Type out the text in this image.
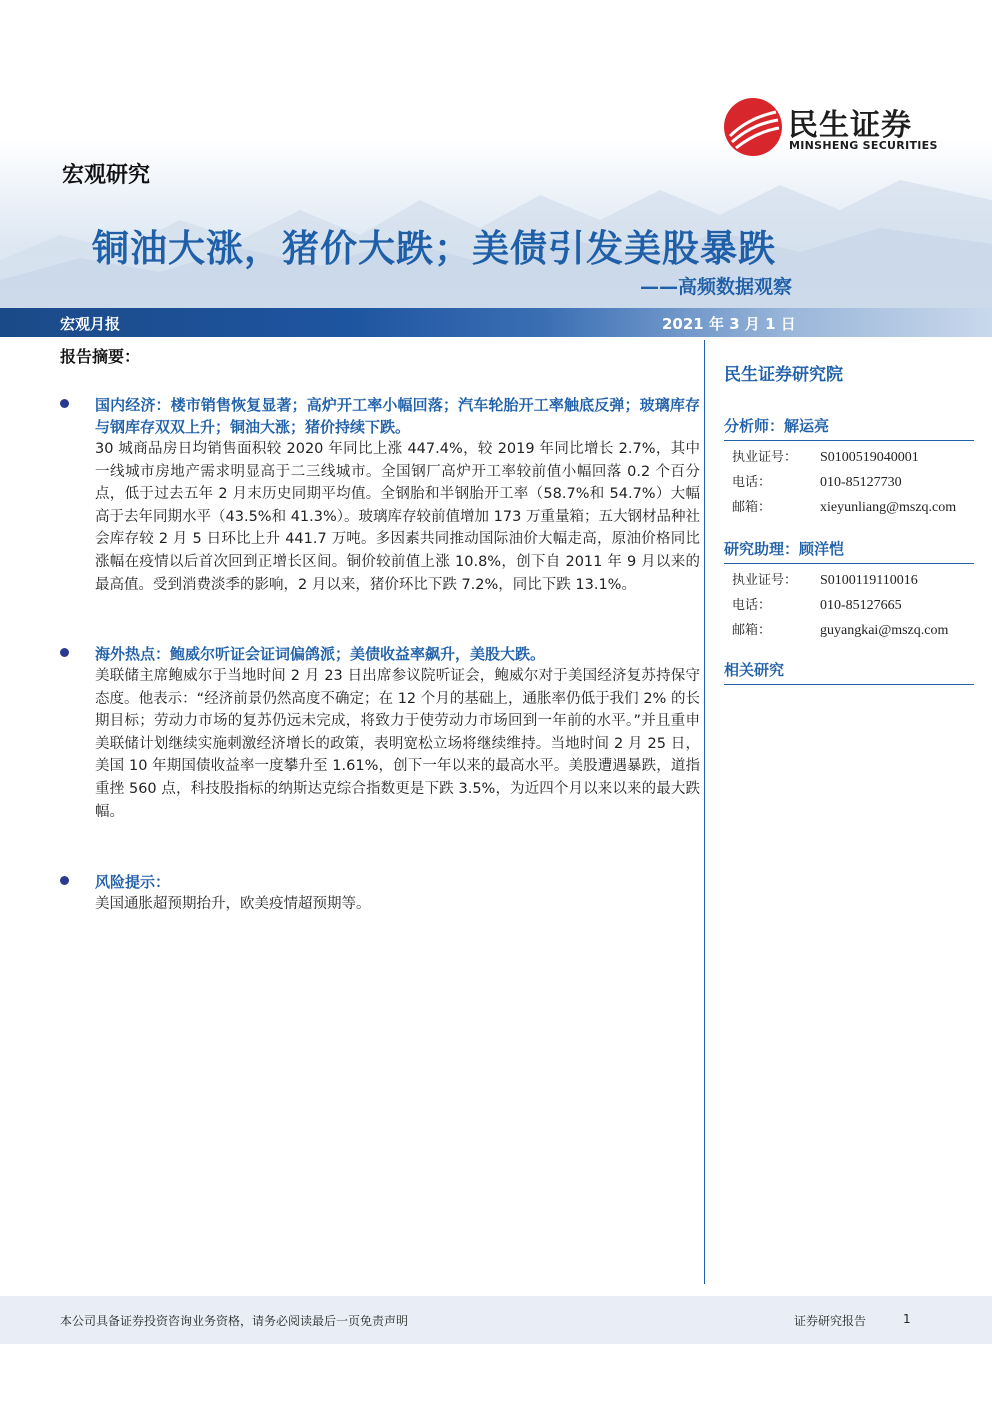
民生证券
MINSHENG SECURITIES
宏观研究
铜油大涨，猪价大跌；美债引发美股暴跌
——高频数据观察
宏观月报	2021 年 3 月 1 日
报告摘要：
国内经济：楼市销售恢复显著；高炉开工率小幅回落；汽车轮胎开工率触底反弹；玻璃库存与钢库存双双上升；铜油大涨；猪价持续下跌。
30 城商品房日均销售面积较 2020 年同比上涨 447.4%，较 2019 年同比增长 2.7%，其中一线城市房地产需求明显高于二三线城市。全国钢厂高炉开工率较前值小幅回落 0.2 个百分点，低于过去五年 2 月末历史同期平均值。全钢胎和半钢胎开工率（58.7%和 54.7%）大幅高于去年同期水平（43.5%和 41.3%）。玻璃库存较前值增加 173 万重量箱；五大钢材品种社会库存较 2 月 5 日环比上升 441.7 万吨。多因素共同推动国际油价大幅走高，原油价格同比涨幅在疫情以后首次回到正增长区间。铜价较前值上涨 10.8%，创下自 2011 年 9 月以来的最高值。受到消费淡季的影响，2 月以来，猪价环比下跌 7.2%，同比下跌 13.1%。
海外热点：鲍威尔听证会证词偏鸽派；美债收益率飙升，美股大跌。
美联储主席鲍威尔于当地时间 2 月 23 日出席参议院听证会，鲍威尔对于美国经济复苏持保守态度。他表示：“经济前景仍然高度不确定；在 12 个月的基础上，通胀率仍低于我们 2% 的长期目标；劳动力市场的复苏仍远未完成，将致力于使劳动力市场回到一年前的水平。”并且重申美联储计划继续实施刺激经济增长的政策，表明宽松立场将继续维持。当地时间 2 月 25 日，美国 10 年期国债收益率一度攀升至 1.61%，创下一年以来的最高水平。美股遭遇暴跌，道指重挫 560 点，科技股指标的纳斯达克综合指数更是下跌 3.5%，为近四个月以来以来的最大跌幅。
风险提示：
美国通胀超预期抬升，欧美疫情超预期等。
民生证券研究院
分析师：解运亮
执业证号： S0100519040001
电话：	010-85127730
邮箱：	xieyunliang@mszq.com
研究助理：顾洋恺
执业证号： S0100119110016
电话：	010-85127665
邮箱：	guyangkai@mszq.com
相关研究
本公司具备证券投资咨询业务资格，请务必阅读最后一页免责声明	证券研究报告	1
